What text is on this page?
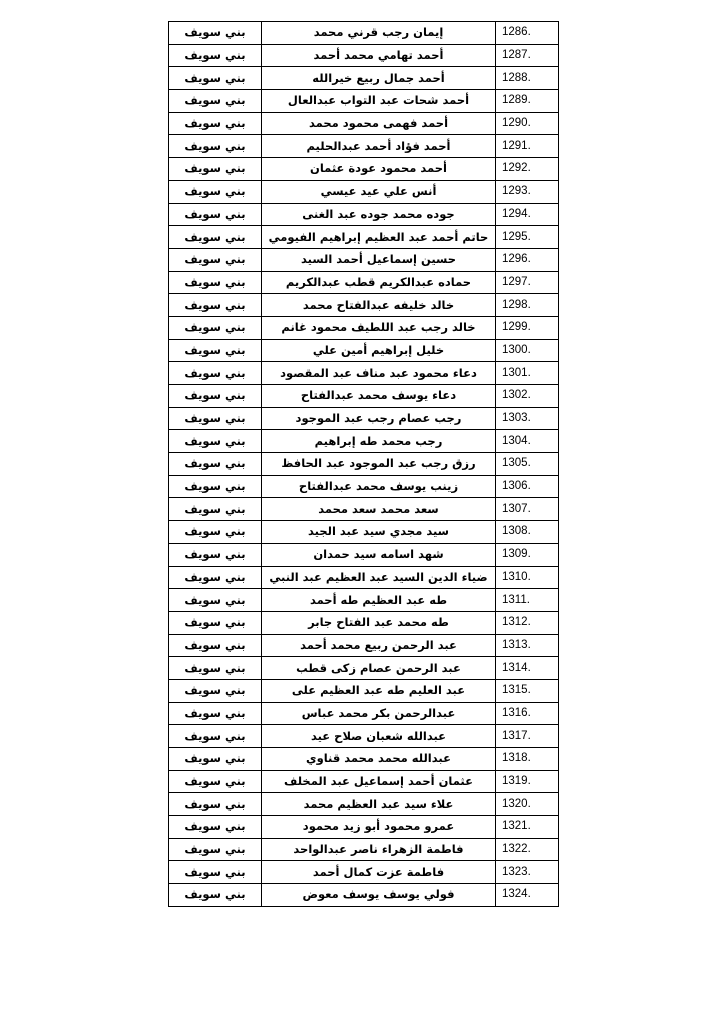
بني سويف	إيمان رجب قرني محمد	1286.
بني سويف	أحمد تهامي محمد أحمد	1287.
بني سويف	أحمد جمال ربيع خيرالله	1288.
بني سويف	أحمد شحات عبد التواب عبدالعال	1289.
بني سويف	أحمد فهمى محمود محمد	1290.
بني سويف	أحمد فؤاد أحمد عبدالحليم	1291.
بني سويف	أحمد محمود عودة عثمان	1292.
بني سويف	أنس علي عيد عيسي	1293.
بني سويف	جوده محمد جوده عبد الغنى	1294.
بني سويف	حاتم أحمد عبد العظيم إبراهيم الفيومي	1295.
بني سويف	حسين إسماعيل أحمد السيد	1296.
بني سويف	حماده عبدالكريم قطب عبدالكريم	1297.
بني سويف	خالد خليفه عبدالفتاح محمد	1298.
بني سويف	خالد رجب عبد اللطيف محمود غانم	1299.
بني سويف	خليل إبراهيم أمين علي	1300.
بني سويف	دعاء محمود عبد مناف عبد المقصود	1301.
بني سويف	دعاء يوسف محمد عبدالفتاح	1302.
بني سويف	رجب عصام رجب عبد الموجود	1303.
بني سويف	رجب محمد طه إبراهيم	1304.
بني سويف	رزق رجب عبد الموجود عبد الحافظ	1305.
بني سويف	زينب يوسف محمد عبدالفتاح	1306.
بني سويف	سعد محمد سعد محمد	1307.
بني سويف	سيد مجدي سيد عبد الجيد	1308.
بني سويف	شهد اسامه سيد حمدان	1309.
بني سويف	ضياء الدين السيد عبد العظيم عبد النبي	1310.
بني سويف	طه عبد العظيم طه أحمد	1311.
بني سويف	طه محمد عبد الفتاح جابر	1312.
بني سويف	عبد الرحمن ربيع محمد أحمد	1313.
بني سويف	عبد الرحمن عصام زكى قطب	1314.
بني سويف	عبد العليم طه عبد العظيم على	1315.
بني سويف	عبدالرحمن بكر محمد عباس	1316.
بني سويف	عبدالله شعبان صلاح عيد	1317.
بني سويف	عبدالله محمد محمد قناوي	1318.
بني سويف	عثمان أحمد إسماعيل عبد المخلف	1319.
بني سويف	علاء سيد عبد العظيم محمد	1320.
بني سويف	عمرو محمود أبو زيد محمود	1321.
بني سويف	فاطمة الزهراء ناصر عبدالواحد	1322.
بني سويف	فاطمة عزت كمال أحمد	1323.
بني سويف	فولي يوسف يوسف معوض	1324.
